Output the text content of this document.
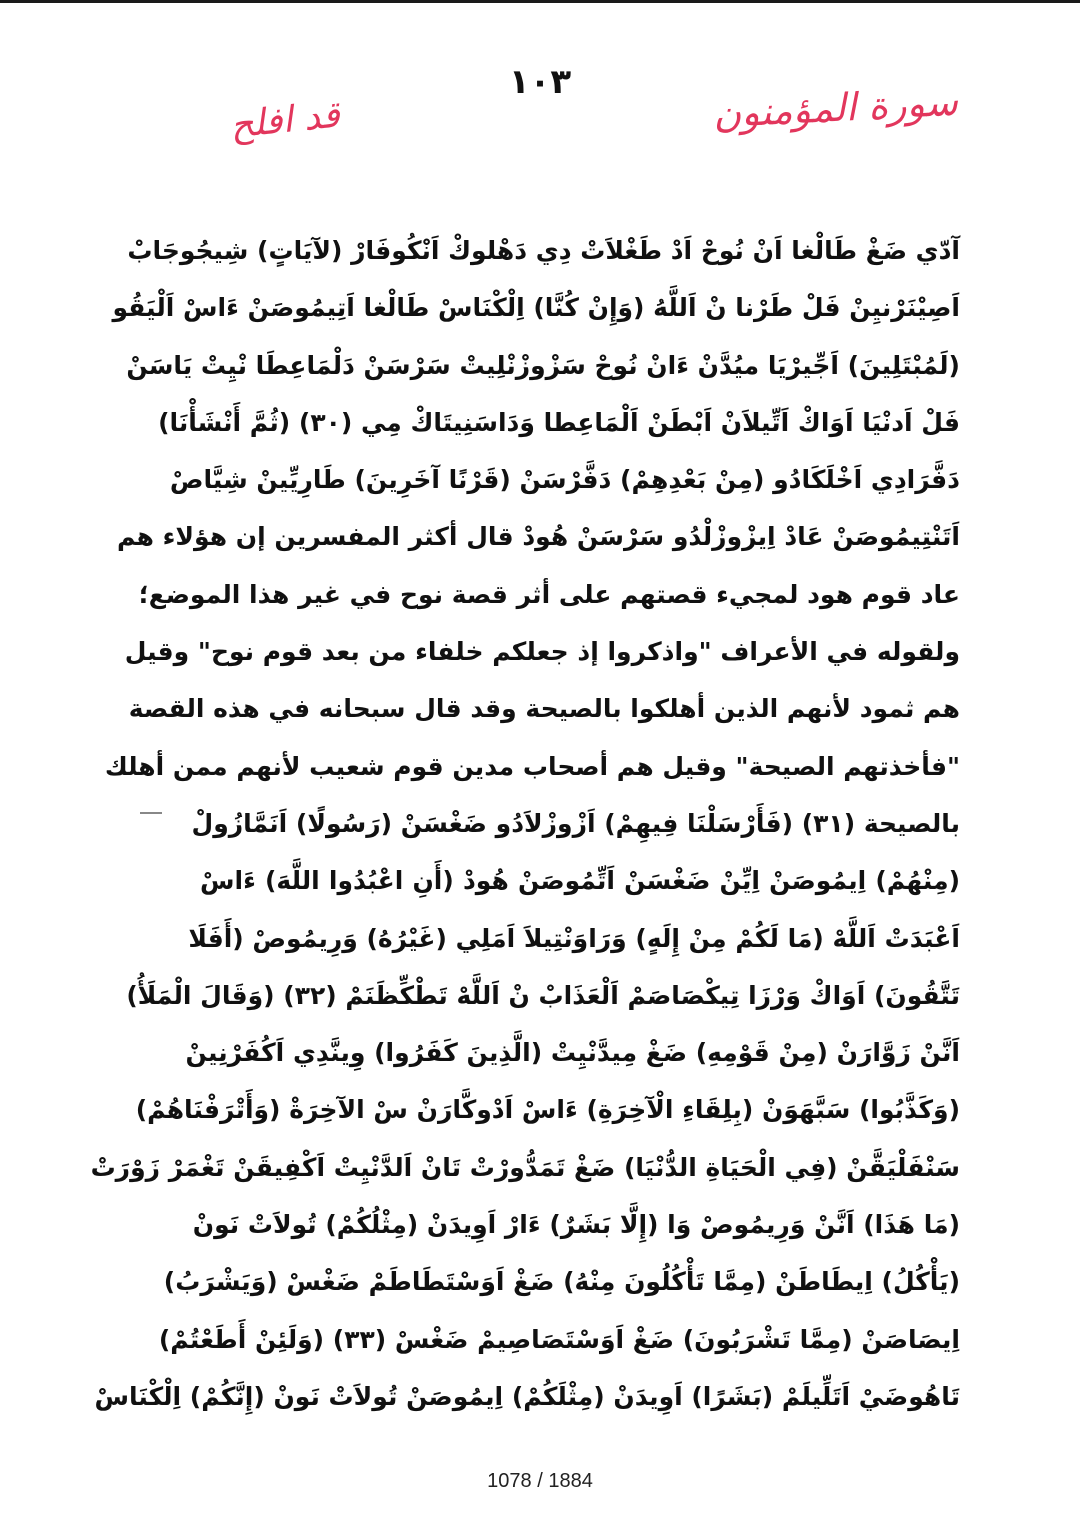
١٠٣	سورة المؤمنون
قد افلح
آدّي ضَغْ طَالْغا اَنْ نُوحْ اَدْ طَغْلاَتْ دِي دَهْلوكْ اَنْكُوفَارْ (لآيَاتٍ) شِيجُوجَابْ
اَصِيْنَرْنيِنْ فَلْ طَرْنا نْ اَللَّهُ (وَإِنْ كُنَّا) اِلْكْنَاسْ طَالْغا اَتِيمُوصَنْ ءَاسْ اَلْيَقُو
(لَمُبْتَلِينَ) اَجِّيرْيَا ميُدَّنْ ءَانْ نُوحْ سَزْوزْنْلِيتْ سَرْسَنْ دَلْمَاعِطَا نْيِتْ يَاسَنْ
فَلْ اَدنْيَا اَوَاكْ اَتِّيلاَنْ اَبْطَنْ اَلْمَاعِطا وَدَاسَنِيتَاكْ مِي (٣٠) (ثُمَّ أَنْشَأْنَا)
دَفَّرَادِي اَخْلَكَادُو (مِنْ بَعْدِهِمْ) دَفَّرْسَنْ (قَرْنًا آخَرِينَ) طَارِيِّينْ شِيَّاصْ
اَتَنْتِيمُوصَنْ عَادْ اِيزْوزْلْدُو سَرْسَنْ هُودْ قال أكثر المفسرين إن هؤلاء هم
عاد قوم هود لمجيء قصتهم على أثر قصة نوح في غير هذا الموضع؛
ولقوله في الأعراف "واذكروا إذ جعلكم خلفاء من بعد قوم نوح" وقيل
هم ثمود لأنهم الذين أهلكوا بالصيحة وقد قال سبحانه في هذه القصة
"فأخذتهم الصيحة" وقيل هم أصحاب مدين قوم شعيب لأنهم ممن أهلك
بالصيحة (٣١) (فَأَرْسَلْنَا فِيهِمْ) اَزْوزْلاَدُو ضَغْسَنْ (رَسُولًا) اَنَمَّازُولْ
(مِنْهُمْ) اِيمُوصَنْ اِيِّنْ ضَغْسَنْ اَتِّمُوصَنْ هُودْ (أَنِ اعْبُدُوا اللَّهَ) ءَاسْ
اَعْبَدَتْ اَللَّهْ (مَا لَكُمْ مِنْ إِلَهٍ) وَرَاوَنْتِيلاَ اَمَلِي (غَيْرُهُ) وَرِيمُوصْ (أَفَلَا
تَتَّقُونَ) اَوَاكْ وَرْزَا تِيكْصَاصَمْ اَلْعَذَابْ نْ اَللَّهْ تَطْكِّظَنَمْ (٣٢) (وَقَالَ الْمَلَأُ)
اَنَّنْ زَوَّارَنْ (مِنْ قَوْمِهِ) ضَغْ مِيدَّنْيِتْ (الَّذِينَ كَفَرُوا) وِينَّدِي اَكُفَرْنِينْ
(وَكَذَّبُوا) سَبَّهَوَنْ (بِلِقَاءِ الْآخِرَةِ) ءَاسْ اَدْوكَّارَنْ سْ الآخِرَةْ (وَأَتْرَفْنَاهُمْ)
سَنْفَلْيَقَّنْ (فِي الْحَيَاةِ الدُّنْيَا) ضَغْ تَمَدُّورْتْ تَانْ اَلدَّنْيِتْ اَكْفِيقَنْ تَغْمَرْ زَوْرَتْ
(مَا هَذَا) اَنَّنْ وَرِيمُوصْ وَا (إِلَّا بَشَرٌ) ءَارْ اَوِيدَنْ (مِثْلُكُمْ) تُولاَتْ نَونْ
(يَأْكُلُ) اِيطَاطَنْ (مِمَّا تَأْكُلُونَ مِنْهُ) ضَغْ اَوَسْتَطَاطَمْ ضَغْسْ (وَيَشْرَبُ)
اِيصَاصَنْ (مِمَّا تَشْرَبُونَ) ضَغْ اَوَسْتَصَاصِيمْ ضَغْسْ (٣٣) (وَلَئِنْ أَطَعْتُمْ)
تَاهُوضَيْ اَتَلِّيلَمْ (بَشَرًا) اَوِيدَنْ (مِثْلَكُمْ) اِيمُوصَنْ تُولاَتْ نَونْ (إِنَّكُمْ) اِلْكْنَاسْ
1078 / 1884
